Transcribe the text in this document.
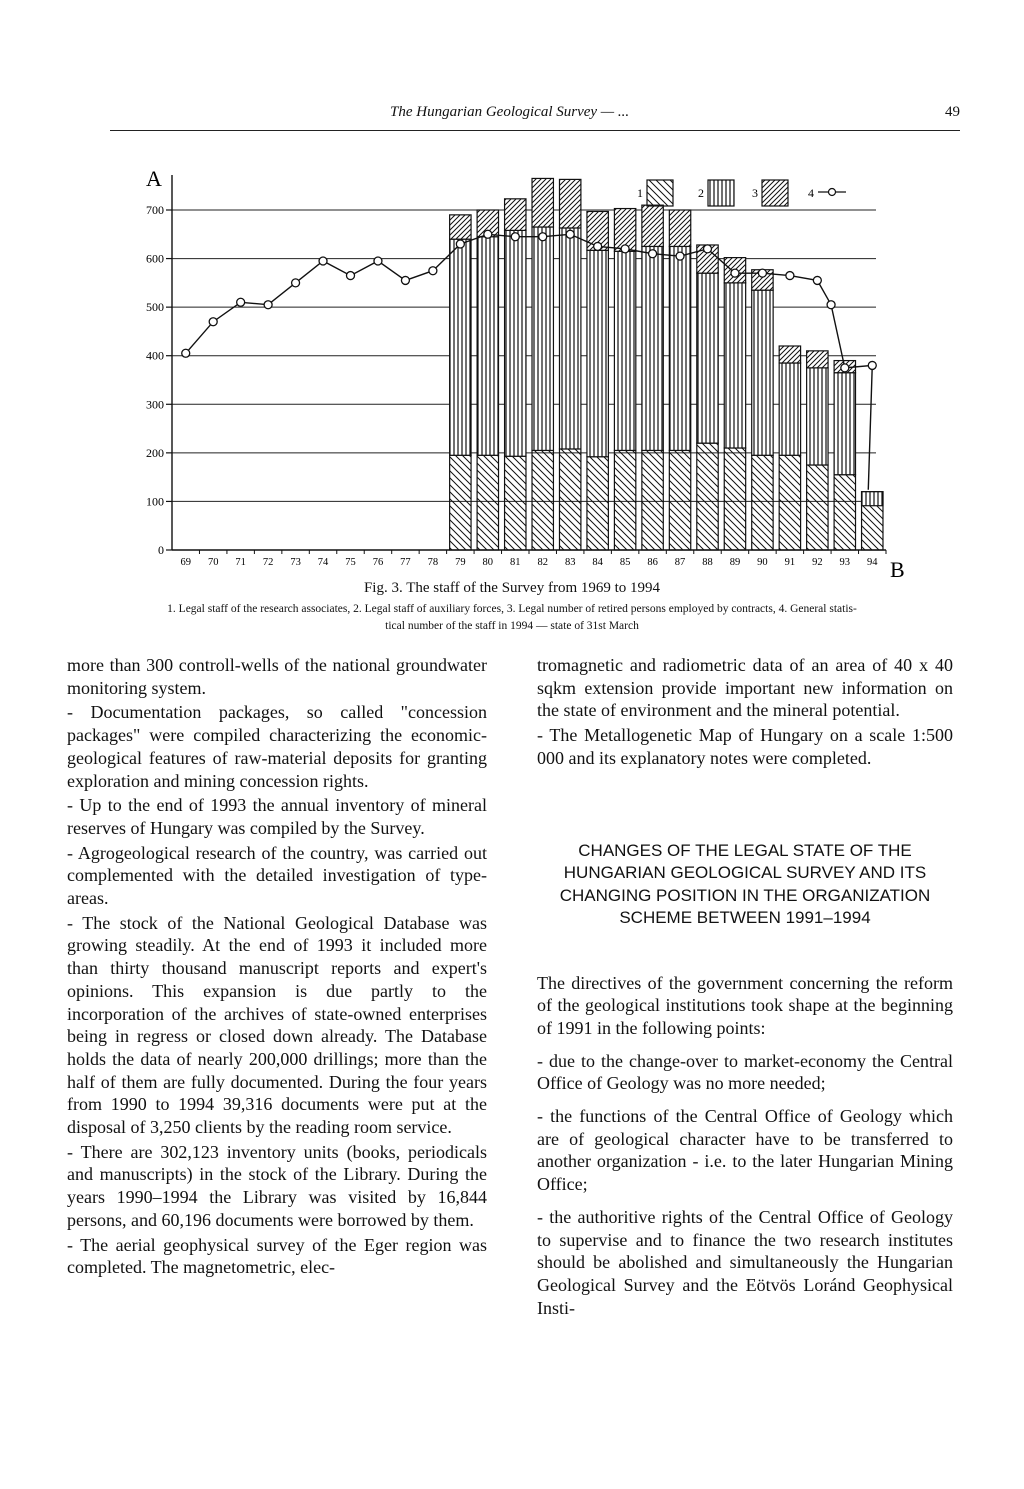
The Hungarian Geological Survey — ...	49
0
100
200
300
400
500
600
700
A
B
69 70 71 72 73 74 75 76 77 78 79 80 81 82 83 84 85 86 87 88 89 90 91 92 93 94
1	2	3	4

Fig. 3. The staff of the Survey from 1969 to 1994

1. Legal staff of the research associates, 2. Legal staff of auxiliary forces, 3. Legal number of retired persons employed by contracts, 4. General statis-

tical number of the staff in 1994 — state of 31st March

more than 300 controll-wells of the national groundwater monitoring system.

- Documentation packages, so called "concession packages" were compiled characterizing the economic-geological features of raw-material deposits for granting exploration and mining concession rights.

- Up to the end of 1993 the annual inventory of mineral reserves of Hungary was compiled by the Survey.

- Agrogeological research of the country, was carried out complemented with the detailed investigation of type-areas.

- The stock of the National Geological Database was growing steadily. At the end of 1993 it included more than thirty thousand manuscript reports and expert's opinions. This expansion is due partly to the incorporation of the archives of state-owned enterprises being in regress or closed down already. The Database holds the data of nearly 200,000 drillings; more than the half of them are fully documented. During the four years from 1990 to 1994 39,316 documents were put at the disposal of 3,250 clients by the reading room service.

- There are 302,123 inventory units (books, periodicals and manuscripts) in the stock of the Library. During the years 1990–1994 the Library was visited by 16,844 persons, and 60,196 documents were borrowed by them.

- The aerial geophysical survey of the Eger region was completed. The magnetometric, elec-

tromagnetic and radiometric data of an area of 40 x 40 sqkm extension provide important new information on the state of environment and the mineral potential.

- The Metallogenetic Map of Hungary on a scale 1:500 000 and its explanatory notes were completed.

CHANGES OF THE LEGAL STATE OF THE HUNGARIAN GEOLOGICAL SURVEY AND ITS CHANGING POSITION IN THE ORGANIZATION SCHEME BETWEEN 1991–1994

The directives of the government concerning the reform of the geological institutions took shape at the beginning of 1991 in the following points:

- due to the change-over to market-economy the Central Office of Geology was no more needed;

- the functions of the Central Office of Geology which are of geological character have to be transferred to another organization - i.e. to the later Hungarian Mining Office;

- the authoritive rights of the Central Office of Geology to supervise and to finance the two research institutes should be abolished and simultaneously the Hungarian Geological Survey and the Eötvös Loránd Geophysical Insti-
